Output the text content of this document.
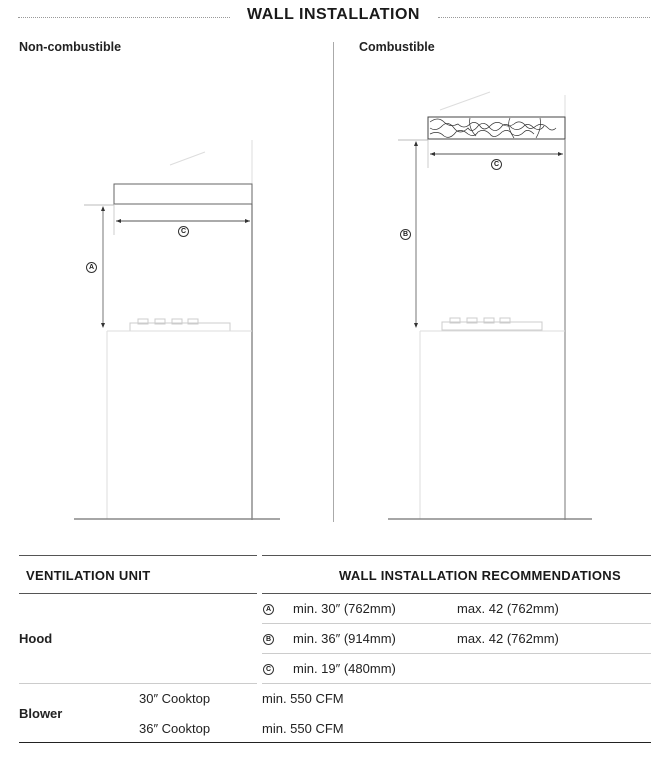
WALL INSTALLATION
Non-combustible	Combustible
C
A
C
B
VENTILATION UNIT	WALL INSTALLATION RECOMMENDATIONS
Hood
A min. 30″ (762mm)	max. 42 (762mm)
B min. 36″ (914mm)	max. 42 (762mm)
C min. 19″ (480mm)
Blower
30″ Cooktop	min. 550 CFM
36″ Cooktop	min. 550 CFM
